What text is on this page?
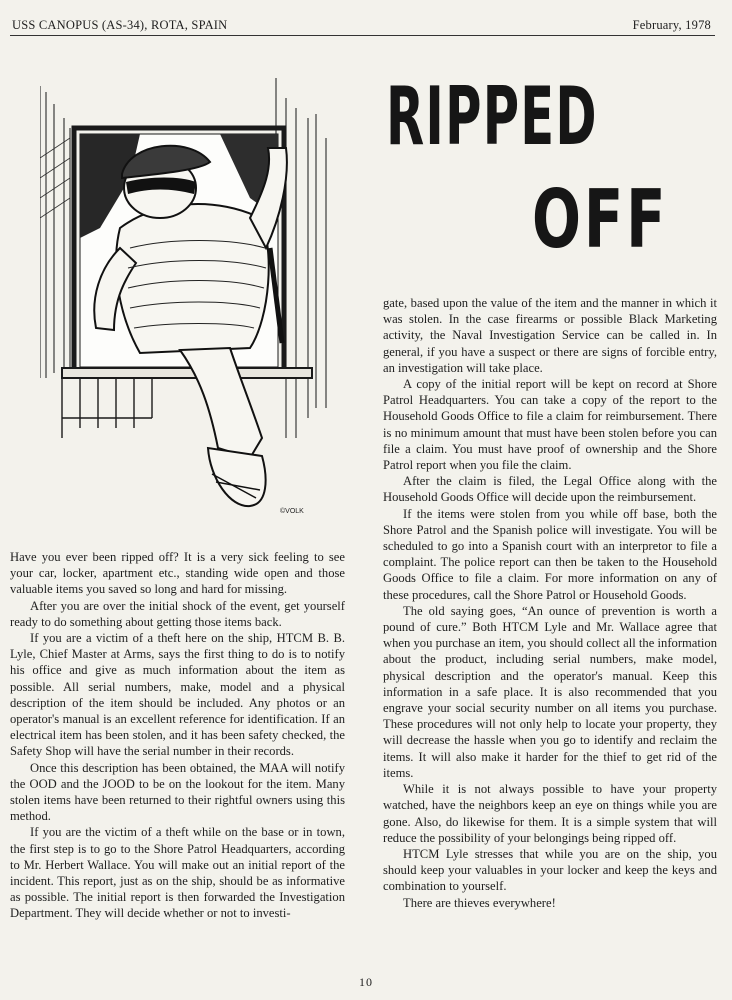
USS CANOPUS (AS-34), ROTA, SPAIN	February, 1978
©VOLK
RIPPED
OFF

Have you ever been ripped off? It is a very sick feeling to see your car, locker, apartment etc., standing wide open and those valuable items you saved so long and hard for missing.

After you are over the initial shock of the event, get yourself ready to do something about getting those items back.

If you are a victim of a theft here on the ship, HTCM B. B. Lyle, Chief Master at Arms, says the first thing to do is to notify his office and give as much information about the item as possible. All serial numbers, make, model and a physical description of the item should be included. Any photos or an operator's manual is an excellent reference for identification. If an electrical item has been stolen, and it has been safety checked, the Safety Shop will have the serial number in their records.

Once this description has been obtained, the MAA will notify the OOD and the JOOD to be on the lookout for the item. Many stolen items have been returned to their rightful owners using this method.

If you are the victim of a theft while on the base or in town, the first step is to go to the Shore Patrol Headquarters, according to Mr. Herbert Wallace. You will make out an initial report of the incident. This report, just as on the ship, should be as informative as possible. The initial report is then forwarded the Investigation Department. They will decide whether or not to investi-

gate, based upon the value of the item and the manner in which it was stolen. In the case firearms or possible Black Marketing activity, the Naval Investigation Service can be called in. In general, if you have a suspect or there are signs of forcible entry, an investigation will take place.

A copy of the initial report will be kept on record at Shore Patrol Headquarters. You can take a copy of the report to the Household Goods Office to file a claim for reimbursement. There is no minimum amount that must have been stolen before you can file a claim. You must have proof of ownership and the Shore Patrol report when you file the claim.

After the claim is filed, the Legal Office along with the Household Goods Office will decide upon the reimbursement.

If the items were stolen from you while off base, both the Shore Patrol and the Spanish police will investigate. You will be scheduled to go into a Spanish court with an interpretor to file a complaint. The police report can then be taken to the Household Goods Office to file a claim. For more information on any of these procedures, call the Shore Patrol or Household Goods.

The old saying goes, “An ounce of prevention is worth a pound of cure.” Both HTCM Lyle and Mr. Wallace agree that when you purchase an item, you should collect all the information about the product, including serial numbers, make model, physical description and the operator's manual. Keep this information in a safe place. It is also recommended that you engrave your social security number on all items you purchase. These procedures will not only help to locate your property, they will decrease the hassle when you go to identify and reclaim the items. It will also make it harder for the thief to get rid of the items.

While it is not always possible to have your property watched, have the neighbors keep an eye on things while you are gone. Also, do likewise for them. It is a simple system that will reduce the possibility of your belongings being ripped off.

HTCM Lyle stresses that while you are on the ship, you should keep your valuables in your locker and keep the keys and combination to yourself.

There are thieves everywhere!

10
